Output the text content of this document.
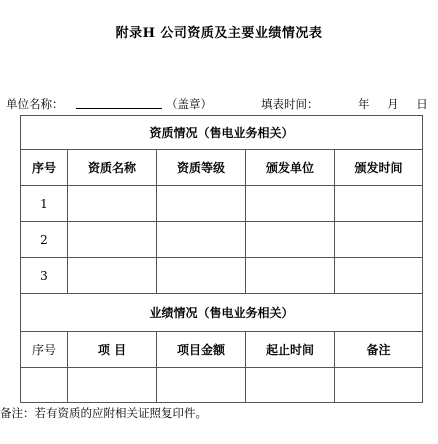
附录H 公司资质及主要业绩情况表
单位名称：	（盖章）	填表时间：	年 月 日
资质情况（售电业务相关）				
序号	资质名称	资质等级	颁发单位	颁发时间
1				
2				
3				
业绩情况（售电业务相关）				
序号	项 目	项目金额	起止时间	备注

备注：若有资质的应附相关证照复印件。
